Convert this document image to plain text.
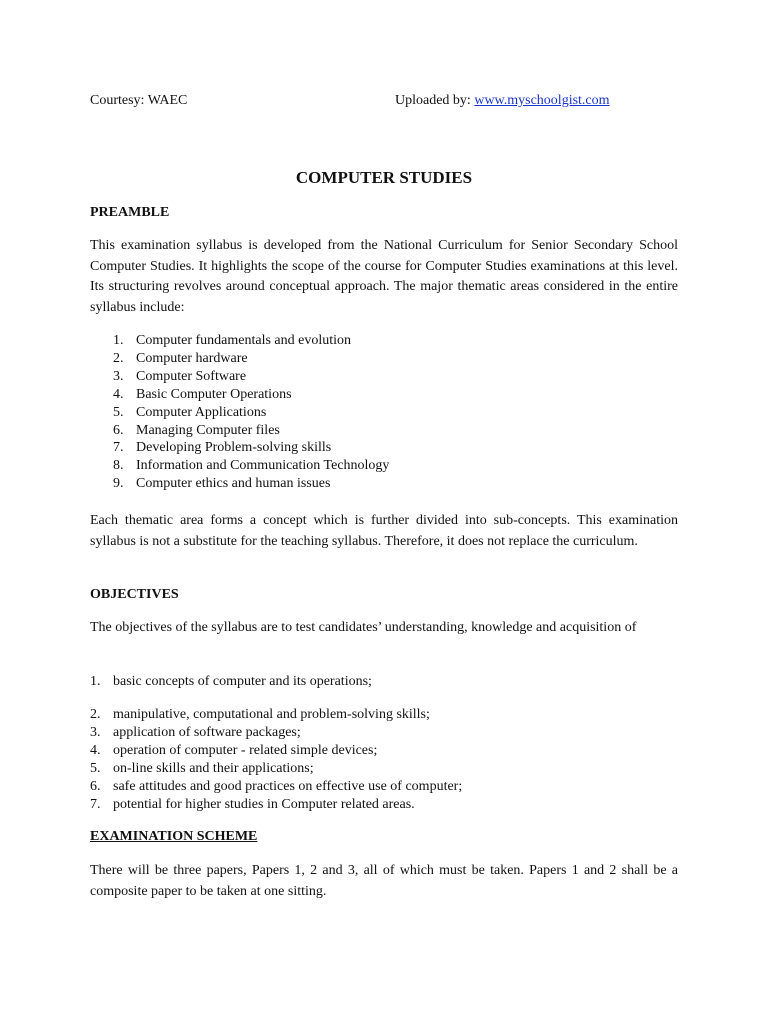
Courtesy: WAEC	Uploaded by: www.myschoolgist.com
COMPUTER STUDIES
PREAMBLE
This examination syllabus is developed from the National Curriculum for Senior Secondary School Computer Studies. It highlights the scope of the course for Computer Studies examinations at this level. Its structuring revolves around conceptual approach. The major thematic areas considered in the entire syllabus include:
1. Computer fundamentals and evolution
2. Computer hardware
3. Computer Software
4. Basic Computer Operations
5. Computer Applications
6. Managing Computer files
7. Developing Problem-solving skills
8. Information and Communication Technology
9. Computer ethics and human issues
Each thematic area forms a concept which is further divided into sub-concepts. This examination syllabus is not a substitute for the teaching syllabus. Therefore, it does not replace the curriculum.
OBJECTIVES
The objectives of the syllabus are to test candidates’ understanding, knowledge and acquisition of
1. basic concepts of computer and its operations;
2. manipulative, computational and problem-solving skills;
3. application of software packages;
4. operation of computer - related simple devices;
5. on-line skills and their applications;
6. safe attitudes and good practices on effective use of computer;
7. potential for higher studies in Computer related areas.
EXAMINATION SCHEME
There will be three papers, Papers 1, 2 and 3, all of which must be taken. Papers 1 and 2 shall be a composite paper to be taken at one sitting.
